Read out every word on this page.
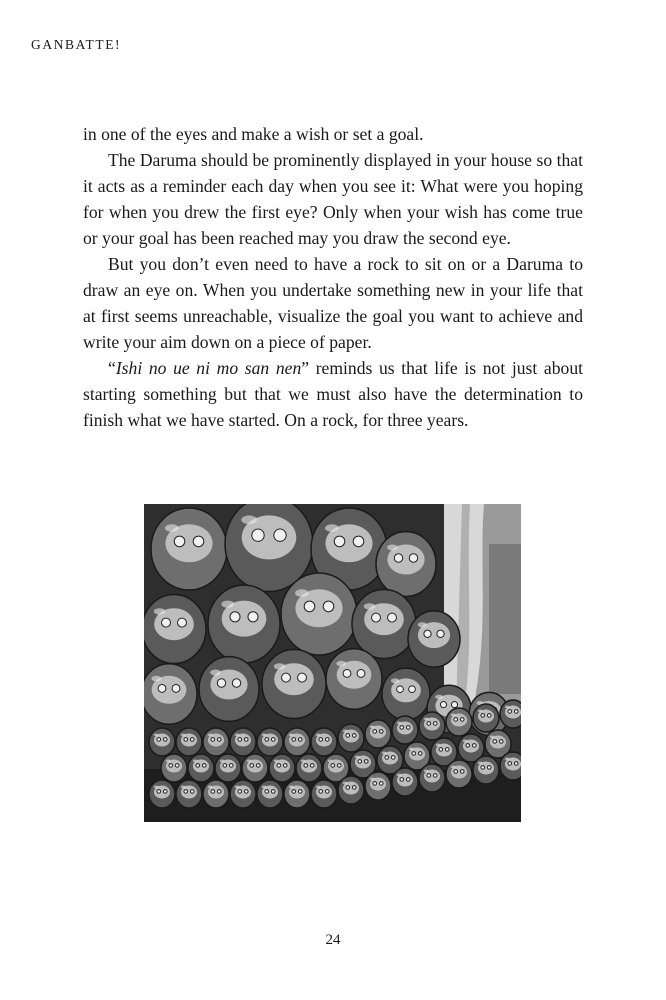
GANBATTE!

in one of the eyes and make a wish or set a goal.

The Daruma should be prominently displayed in your house so that it acts as a reminder each day when you see it: What were you hoping for when you drew the first eye? Only when your wish has come true or your goal has been reached may you draw the second eye.

But you don’t even need to have a rock to sit on or a Daruma to draw an eye on. When you undertake something new in your life that at first seems unreachable, visualize the goal you want to achieve and write your aim down on a piece of paper.

“Ishi no ue ni mo san nen” reminds us that life is not just about starting something but that we must also have the determination to finish what we have started. On a rock, for three years.

24
